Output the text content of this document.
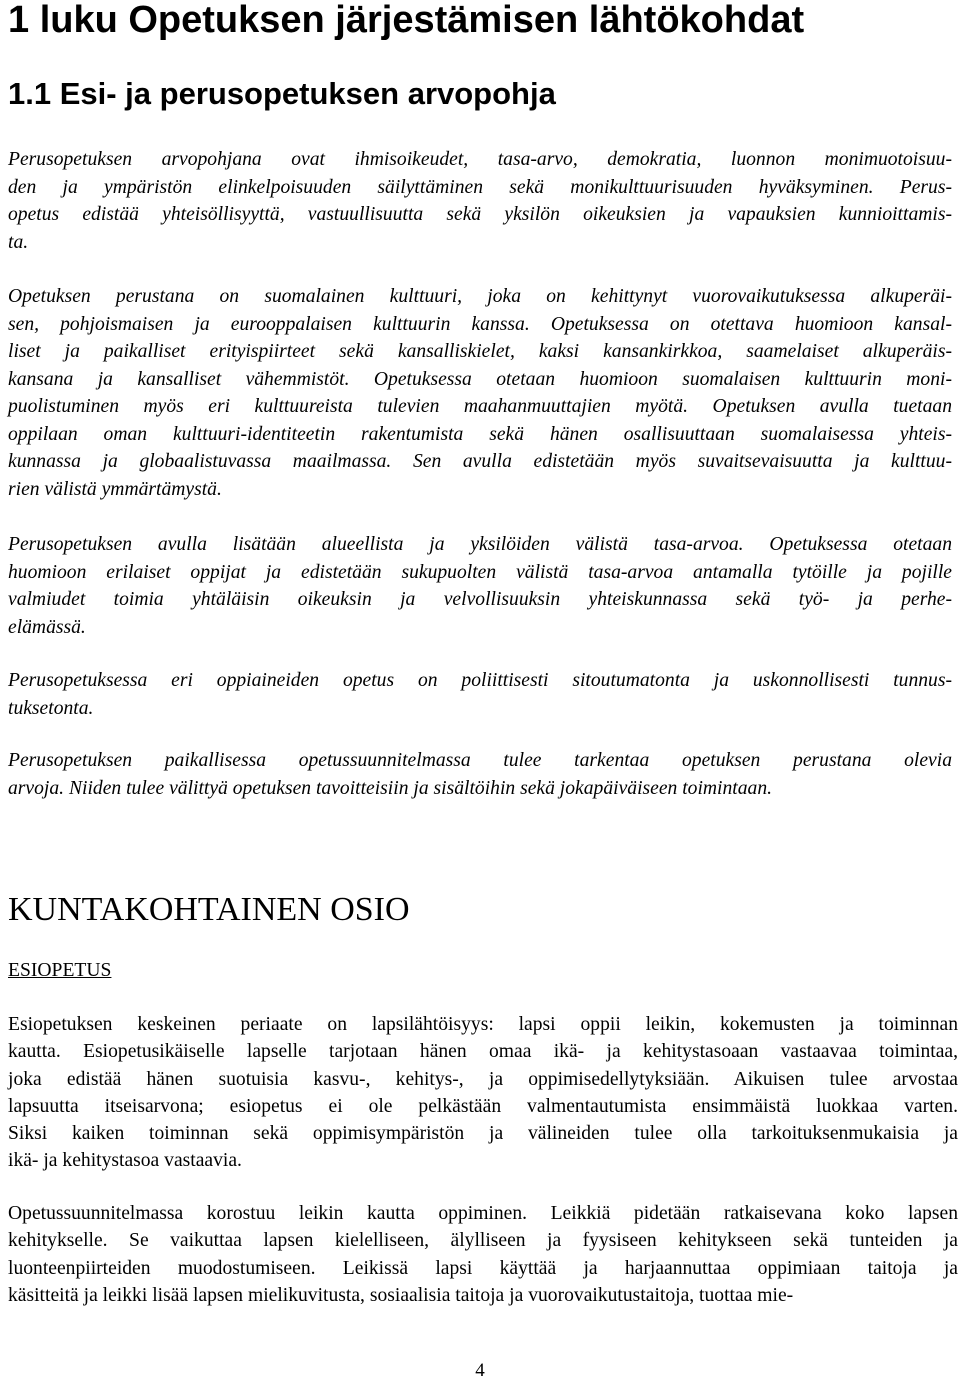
1 luku Opetuksen järjestämisen lähtökohdat
1.1 Esi- ja perusopetuksen arvopohja
Perusopetuksen arvopohjana ovat ihmisoikeudet, tasa-arvo, demokratia, luonnon monimuotoisuu-
den ja ympäristön elinkelpoisuuden säilyttäminen sekä monikulttuurisuuden hyväksyminen. Perus-
opetus edistää yhteisöllisyyttä, vastuullisuutta sekä yksilön oikeuksien ja vapauksien kunnioittamis-
ta.
Opetuksen perustana on suomalainen kulttuuri, joka on kehittynyt vuorovaikutuksessa alkuperäi-
sen, pohjoismaisen ja eurooppalaisen kulttuurin kanssa. Opetuksessa on otettava huomioon kansal-
liset ja paikalliset erityispiirteet sekä kansalliskielet, kaksi kansankirkkoa, saamelaiset alkuperäis-
kansana ja kansalliset vähemmistöt. Opetuksessa otetaan huomioon suomalaisen kulttuurin moni-
puolistuminen myös eri kulttuureista tulevien maahanmuuttajien myötä. Opetuksen avulla tuetaan
oppilaan oman kulttuuri-identiteetin rakentumista sekä hänen osallisuuttaan suomalaisessa yhteis-
kunnassa ja globaalistuvassa maailmassa. Sen avulla edistetään myös suvaitsevaisuutta ja kulttuu-
rien välistä ymmärtämystä.
Perusopetuksen avulla lisätään alueellista ja yksilöiden välistä tasa-arvoa. Opetuksessa otetaan
huomioon erilaiset oppijat ja edistetään sukupuolten välistä tasa-arvoa antamalla tytöille ja pojille
valmiudet toimia yhtäläisin oikeuksin ja velvollisuuksin yhteiskunnassa sekä työ- ja perhe-
elämässä.
Perusopetuksessa eri oppiaineiden opetus on poliittisesti sitoutumatonta ja uskonnollisesti tunnus-
tuksetonta.
Perusopetuksen paikallisessa opetussuunnitelmassa tulee tarkentaa opetuksen perustana olevia
arvoja. Niiden tulee välittyä opetuksen tavoitteisiin ja sisältöihin sekä jokapäiväiseen toimintaan.
KUNTAKOHTAINEN OSIO
ESIOPETUS
Esiopetuksen keskeinen periaate on lapsilähtöisyys: lapsi oppii leikin, kokemusten ja toiminnan
kautta. Esiopetusikäiselle lapselle tarjotaan hänen omaa ikä- ja kehitystasoaan vastaavaa toimintaa,
joka edistää hänen suotuisia kasvu-, kehitys-, ja oppimisedellytyksiään. Aikuisen tulee arvostaa
lapsuutta itseisarvona; esiopetus ei ole pelkästään valmentautumista ensimmäistä luokkaa varten.
Siksi kaiken toiminnan sekä oppimisympäristön ja välineiden tulee olla tarkoituksenmukaisia ja
ikä- ja kehitystasoa vastaavia.
Opetussuunnitelmassa korostuu leikin kautta oppiminen. Leikkiä pidetään ratkaisevana koko lapsen
kehitykselle. Se vaikuttaa lapsen kielelliseen, älylliseen ja fyysiseen kehitykseen sekä tunteiden ja
luonteenpiirteiden muodostumiseen. Leikissä lapsi käyttää ja harjaannuttaa oppimiaan taitoja ja
käsitteitä ja leikki lisää lapsen mielikuvitusta, sosiaalisia taitoja ja vuorovaikutustaitoja, tuottaa mie-
4
